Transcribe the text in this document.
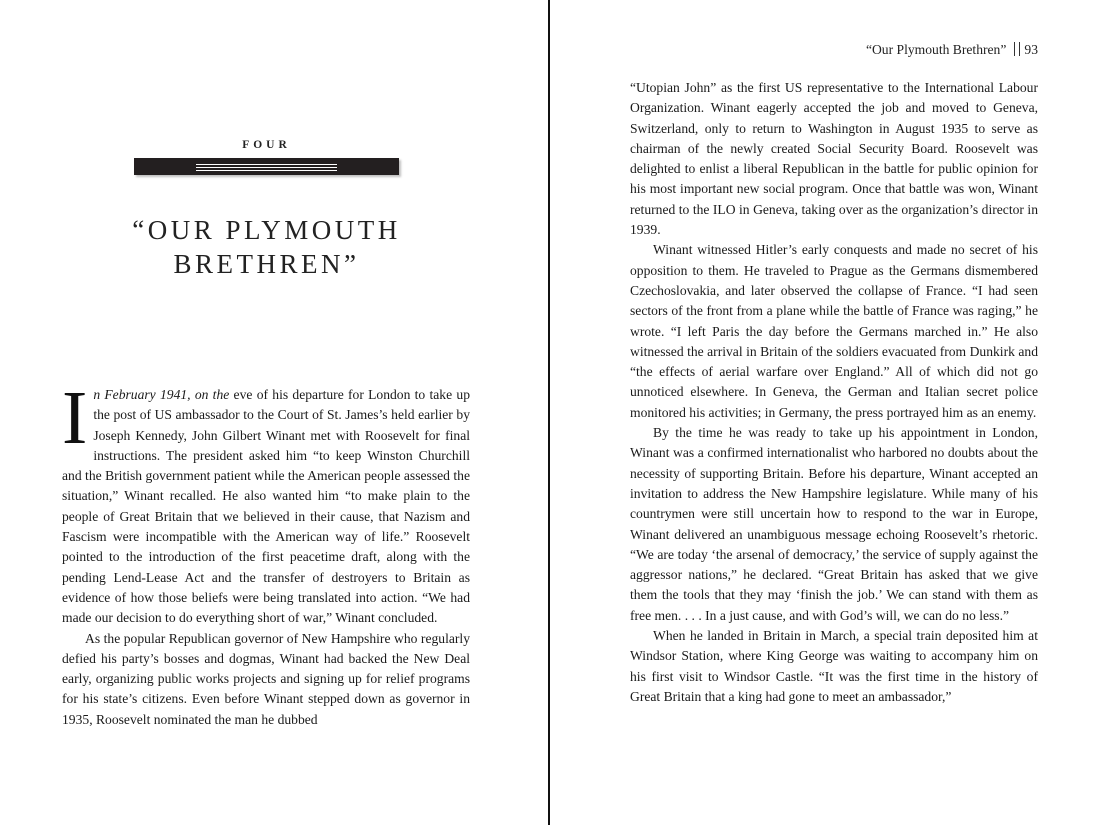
FOUR
“OUR PLYMOUTH
BRETHREN”

In February 1941, on the eve of his departure for London to take up the post of US ambassador to the Court of St. James’s held earlier by Joseph Kennedy, John Gilbert Winant met with Roosevelt for final instructions. The president asked him “to keep Winston Churchill and the British government patient while the American people assessed the situation,” Winant recalled. He also wanted him “to make plain to the people of Great Britain that we believed in their cause, that Nazism and Fascism were incompatible with the American way of life.” Roosevelt pointed to the introduction of the first peacetime draft, along with the pending Lend-Lease Act and the transfer of destroyers to Britain as evidence of how those beliefs were being translated into action. “We had made our decision to do everything short of war,” Winant concluded.

As the popular Republican governor of New Hampshire who regularly defied his party’s bosses and dogmas, Winant had backed the New Deal early, organizing public works projects and signing up for relief programs for his state’s citizens. Even before Winant stepped down as governor in 1935, Roosevelt nominated the man he dubbed

“Our Plymouth Brethren” 93

“Utopian John” as the first US representative to the International Labour Organization. Winant eagerly accepted the job and moved to Geneva, Switzerland, only to return to Washington in August 1935 to serve as chairman of the newly created Social Security Board. Roosevelt was delighted to enlist a liberal Republican in the battle for public opinion for his most important new social program. Once that battle was won, Winant returned to the ILO in Geneva, taking over as the organization’s director in 1939.

Winant witnessed Hitler’s early conquests and made no secret of his opposition to them. He traveled to Prague as the Germans dismembered Czechoslovakia, and later observed the collapse of France. “I had seen sectors of the front from a plane while the battle of France was raging,” he wrote. “I left Paris the day before the Germans marched in.” He also witnessed the arrival in Britain of the soldiers evacuated from Dunkirk and “the effects of aerial warfare over England.” All of which did not go unnoticed elsewhere. In Geneva, the German and Italian secret police monitored his activities; in Germany, the press portrayed him as an enemy.

By the time he was ready to take up his appointment in London, Winant was a confirmed internationalist who harbored no doubts about the necessity of supporting Britain. Before his departure, Winant accepted an invitation to address the New Hampshire legislature. While many of his countrymen were still uncertain how to respond to the war in Europe, Winant delivered an unambiguous message echoing Roosevelt’s rhetoric. “We are today ‘the arsenal of democracy,’ the service of supply against the aggressor nations,” he declared. “Great Britain has asked that we give them the tools that they may ‘finish the job.’ We can stand with them as free men. . . . In a just cause, and with God’s will, we can do no less.”

When he landed in Britain in March, a special train deposited him at Windsor Station, where King George was waiting to accompany him on his first visit to Windsor Castle. “It was the first time in the history of Great Britain that a king had gone to meet an ambassador,”
